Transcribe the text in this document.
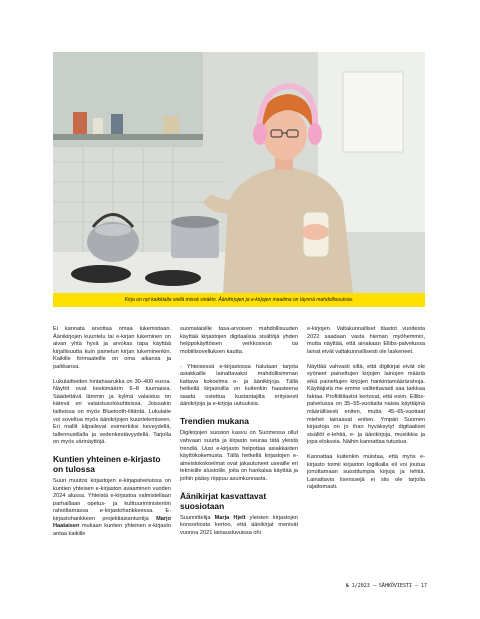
Kirja on nyt kaikkialla siellä missä sinäkin. Äänikirjojen ja e-kirjojen maailma on täynnä mahdollisuuksia.

Ei kannata arvottaa omaa lukemistaan. Äänikirjojen kuuntelu tai e-kirjan lukeminen on aivan yhtä hyvä ja arvokas tapa käyttää kirjallisuutta kuin painetun kirjan lukeminenkin. Kaikille formaateille on oma aikansa ja paikkansa.

Lukulaitteiden hintahaarukka on 30–400 euroa. Näytöt ovat keskimäärin 6–8 tuumaisia. Säädettävä lämmin ja kylmä valaistus on kätevä eri valaistusolosuhteissa. Joissakin laitteissa on myös Bluetooth-liitäntä. Lukulaite voi soveltua myös äänikirjojen kuuntelemiseen. Eri mallit kilpailevat esimerkiksi keveydellä, tallennustilalla ja vedenkestävyydellä. Tarjolla on myös värinäyttöjä.

Kuntien yhteinen e-kirjasto on tulossa

Suuri muutos kirjastojen e-kirjapalveluissa on kuntien yhteisen e-kirjaston avaaminen vuoden 2024 alussa. Yhteistä e-kirjastoa valmistellaan parhaillaan opetus- ja kulttuuriministeriön rahoittamassa e-kirjastohankkeessa. E-kirjastohankkeen projektiasiantuntija Marjo Haataisen mukaan kuntien yhteinen e-kirjasto antaa kaikille

suomalaisille tasa-arvoisen mahdollisuuden käyttää kirjastojen digitaalisia sisältöjä yhden helppokäyttöisen verkkosivun tai mobiilisovelluksen kautta.

- Yhteisessä e-kirjastossa halutaan tarjota asiakkaille lainattavaksi mahdollisimman kattava kokoelma e- ja äänikirjoja. Tällä hetkellä kirjastoilla on kuitenkin haasteena saada ostettua kustantajilta erityisesti äänikirjoja ja e-kirjoja uutuuksia.

Trendien mukana

Digikirjojen suosion kasvu on Suomessa ollut vahvaan suurta ja kirjasto seuraa tätä yleistä trendiä. Uusi e-kirjasto helpottaa asiakkaiden käyttökokemusta. Tällä hetkellä kirjastojen e-aineistokokoelmat ovat jakautuneet useaille eri teknisille alustoille, joita on hankalaa käyttää ja joihin pääsy riippuu asuinkunnasta.

Äänikirjat kasvattavat suosiotaan

Suunnittelija Marja Hjelt yleisten kirjastojen konsortiosta kertoo, että äänikirjat menivät vuonna 2021 lainausluvuissa ohi

e-kirjojen. Valtakunnalliset tilastot vuodesta 2022 saadaan vasta hieman myöhemmin, mutta näyttää, että ainakaan Ellibs-palvelussa lainat eivät valtakunnallisesti ole laskeneet.

Näyttää vahvasti siltä, että digikirjat eivät ole syöneet painettujen kirjojen lainojen määriä eikä painettujen kirjojen hankintamäärärahoja. Käyttäjistä me emme valitettavasti saa tarkkaa faktaa. Profiilitilastot kertovat, että esim. Ellibs-palvelussa on 35–55-vuotiaita naisia käyttäjinä määrällisesti eniten, mutta 45–65-vuotiaat miehet lainaavat eniten. Ympäri Suomen kirjastoja on jo ihan hyväksytyt digitaaliset sisällöt e-lehtiä, e- ja äänikirjoja, musiikkia ja jopa elokuvia. Näihin kannattaa tutustua.

Kannattaa kuitenkin muistaa, että myös e-kirjasto toimii kirjaston logiikalla eli voi joutua jonottamaan suosittumpia kirjoja ja lehtiä. Lainattavia lisenssejä ei siis ole tarjolla rajattomasti.

№ 1/2023 — SÄHKÖVIESTI — 17
